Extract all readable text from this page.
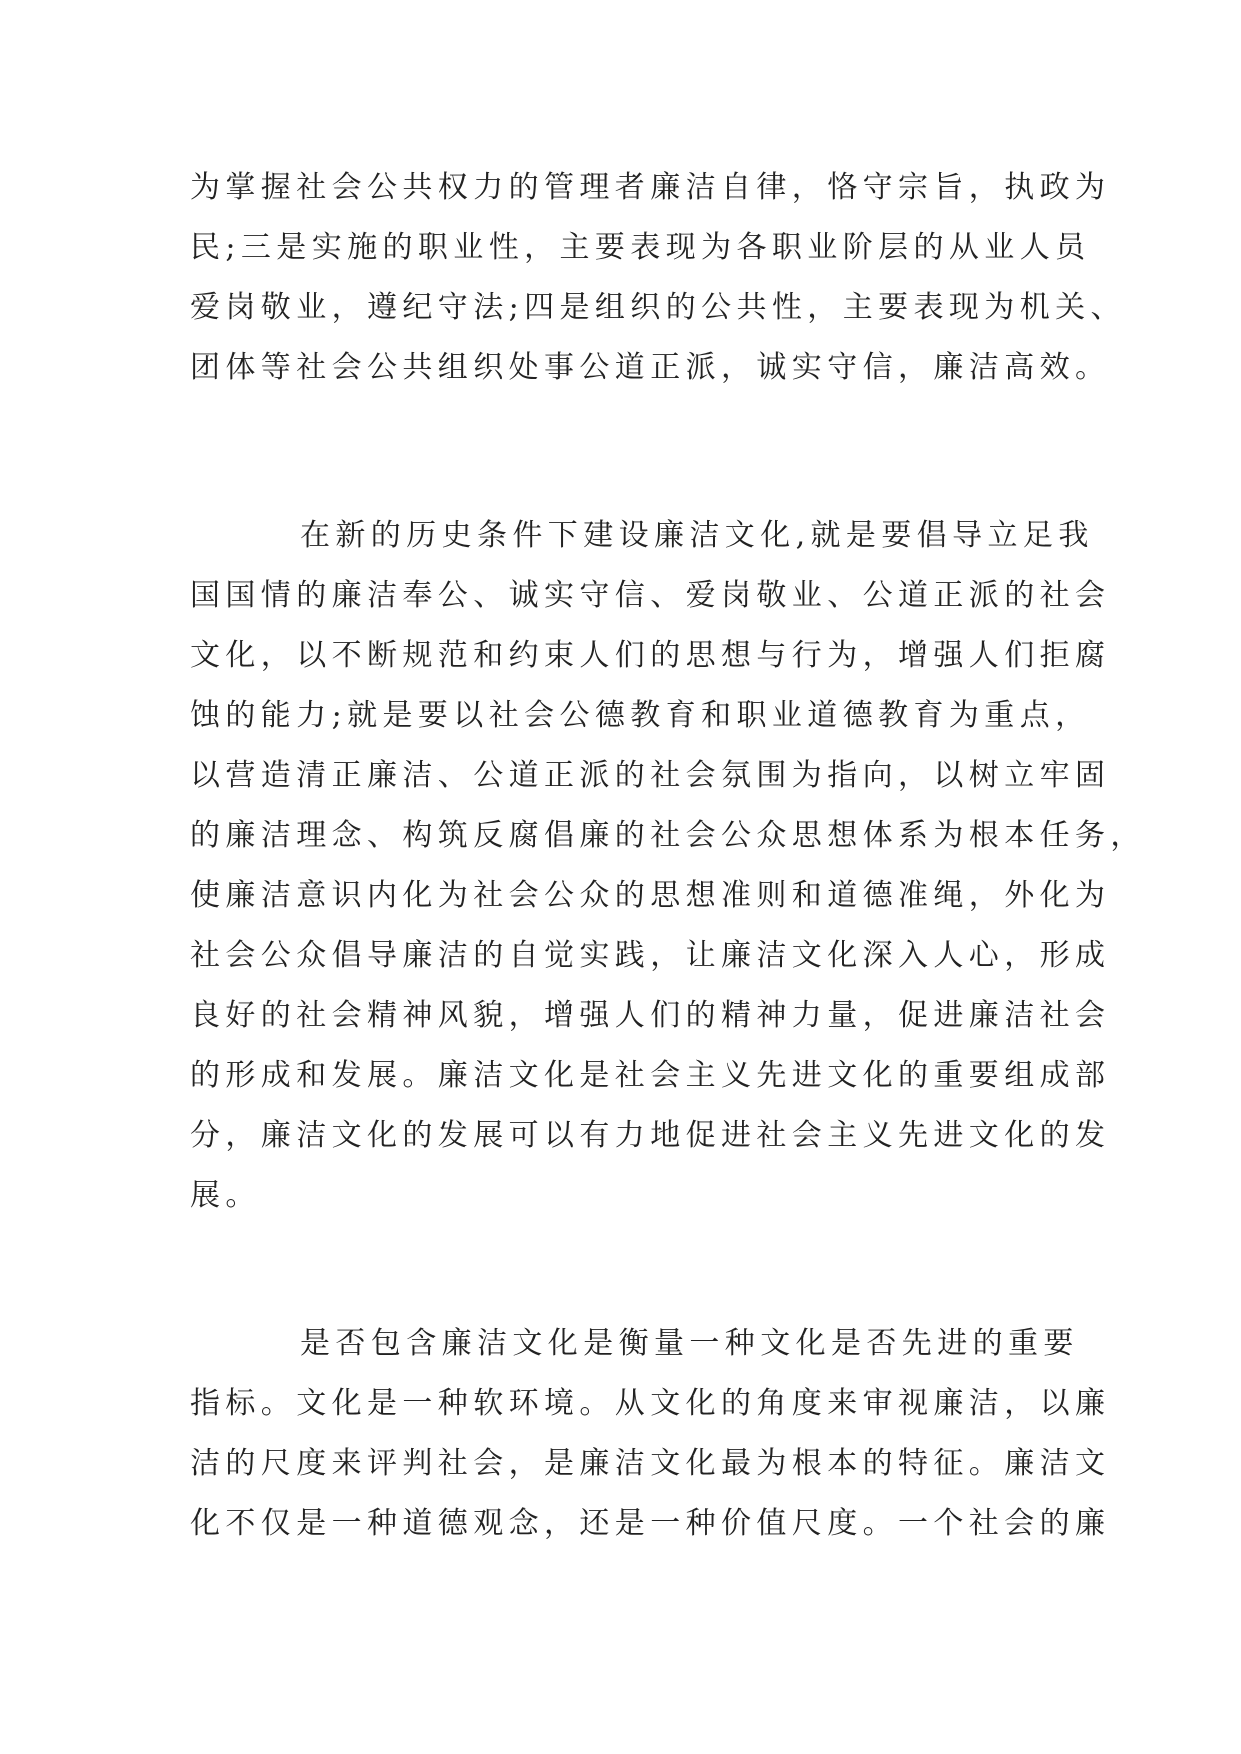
为掌握社会公共权力的管理者廉洁自律，恪守宗旨，执政为
民;三是实施的职业性，主要表现为各职业阶层的从业人员
爱岗敬业，遵纪守法;四是组织的公共性，主要表现为机关、
团体等社会公共组织处事公道正派，诚实守信，廉洁高效。
在新的历史条件下建设廉洁文化,就是要倡导立足我
国国情的廉洁奉公、诚实守信、爱岗敬业、公道正派的社会
文化，以不断规范和约束人们的思想与行为，增强人们拒腐
蚀的能力;就是要以社会公德教育和职业道德教育为重点，
以营造清正廉洁、公道正派的社会氛围为指向，以树立牢固
的廉洁理念、构筑反腐倡廉的社会公众思想体系为根本任务，
使廉洁意识内化为社会公众的思想准则和道德准绳，外化为
社会公众倡导廉洁的自觉实践，让廉洁文化深入人心，形成
良好的社会精神风貌，增强人们的精神力量，促进廉洁社会
的形成和发展。廉洁文化是社会主义先进文化的重要组成部
分，廉洁文化的发展可以有力地促进社会主义先进文化的发
展。
是否包含廉洁文化是衡量一种文化是否先进的重要
指标。文化是一种软环境。从文化的角度来审视廉洁，以廉
洁的尺度来评判社会，是廉洁文化最为根本的特征。廉洁文
化不仅是一种道德观念，还是一种价值尺度。一个社会的廉
